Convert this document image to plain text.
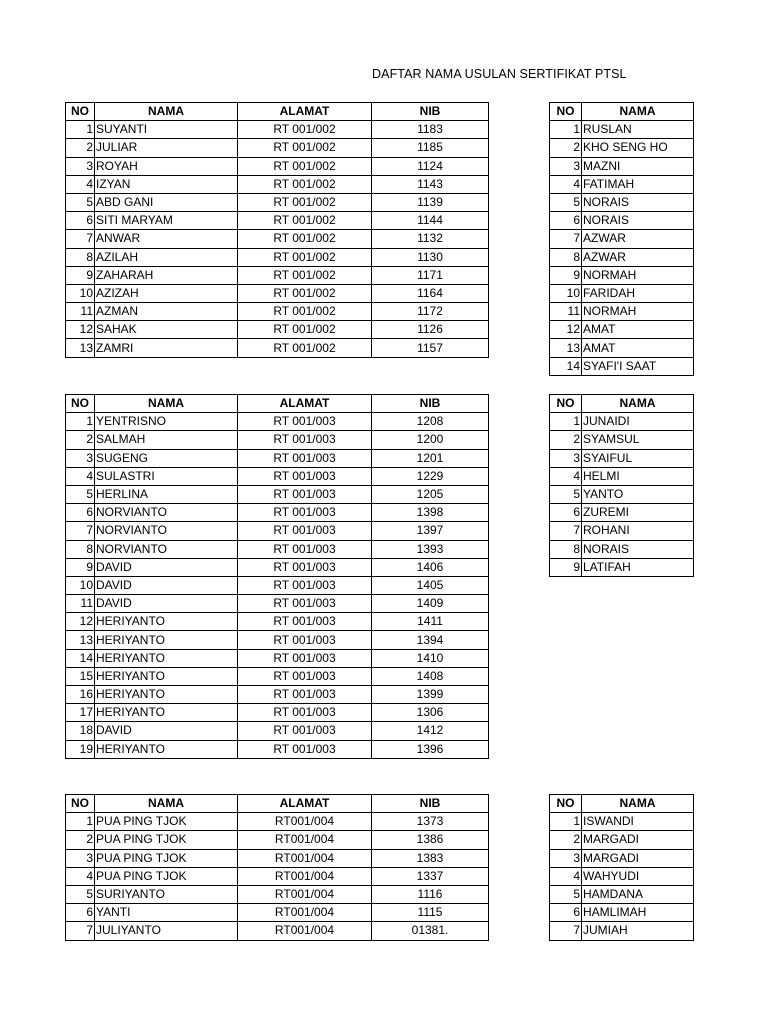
DAFTAR NAMA USULAN SERTIFIKAT PTSL
NO	NAMA	ALAMAT	NIB
1	SUYANTI	RT 001/002	1183
2	JULIAR	RT 001/002	1185
3	ROYAH	RT 001/002	1124
4	IZYAN	RT 001/002	1143
5	ABD GANI	RT 001/002	1139
6	SITI MARYAM	RT 001/002	1144
7	ANWAR	RT 001/002	1132
8	AZILAH	RT 001/002	1130
9	ZAHARAH	RT 001/002	1171
10	AZIZAH	RT 001/002	1164
11	AZMAN	RT 001/002	1172
12	SAHAK	RT 001/002	1126
13	ZAMRI	RT 001/002	1157
NO	NAMA
1	RUSLAN
2	KHO SENG HO
3	MAZNI
4	FATIMAH
5	NORAIS
6	NORAIS
7	AZWAR
8	AZWAR
9	NORMAH
10	FARIDAH
11	NORMAH
12	AMAT
13	AMAT
14	SYAFI'I SAAT
NO	NAMA	ALAMAT	NIB
1	YENTRISNO	RT 001/003	1208
2	SALMAH	RT 001/003	1200
3	SUGENG	RT 001/003	1201
4	SULASTRI	RT 001/003	1229
5	HERLINA	RT 001/003	1205
6	NORVIANTO	RT 001/003	1398
7	NORVIANTO	RT 001/003	1397
8	NORVIANTO	RT 001/003	1393
9	DAVID	RT 001/003	1406
10	DAVID	RT 001/003	1405
11	DAVID	RT 001/003	1409
12	HERIYANTO	RT 001/003	1411
13	HERIYANTO	RT 001/003	1394
14	HERIYANTO	RT 001/003	1410
15	HERIYANTO	RT 001/003	1408
16	HERIYANTO	RT 001/003	1399
17	HERIYANTO	RT 001/003	1306
18	DAVID	RT 001/003	1412
19	HERIYANTO	RT 001/003	1396
NO	NAMA
1	JUNAIDI
2	SYAMSUL
3	SYAIFUL
4	HELMI
5	YANTO
6	ZUREMI
7	ROHANI
8	NORAIS
9	LATIFAH
NO	NAMA	ALAMAT	NIB
1	PUA PING TJOK	RT001/004	1373
2	PUA PING TJOK	RT001/004	1386
3	PUA PING TJOK	RT001/004	1383
4	PUA PING TJOK	RT001/004	1337
5	SURIYANTO	RT001/004	1116
6	YANTI	RT001/004	1115
7	JULIYANTO	RT001/004	01381.
NO	NAMA
1	ISWANDI
2	MARGADI
3	MARGADI
4	WAHYUDI
5	HAMDANA
6	HAMLIMAH
7	JUMIAH
